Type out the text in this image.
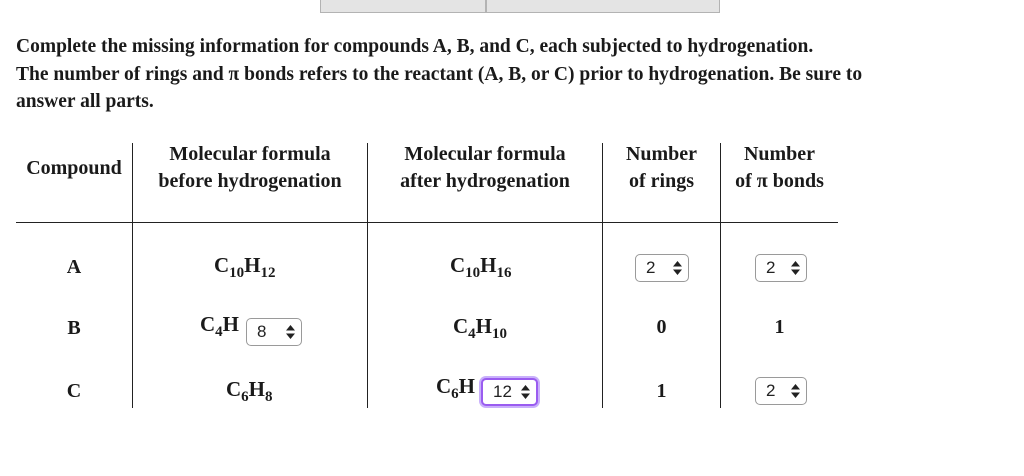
Complete the missing information for compounds A, B, and C, each subjected to hydrogenation.
The number of rings and π bonds refers to the reactant (A, B, or C) prior to hydrogenation. Be sure to
answer all parts.
Compound
Molecular formula
before hydrogenation
Molecular formula
after hydrogenation
Number
of rings
Number
of π bonds
A	$C_{10}H_{12}$	$C_{10}H_{16}$	2	2
B	$C_4H$ 8	$C_4H_{10}$	0	1
C	$C_6H_8$	$C_6H$ 12	1	2
